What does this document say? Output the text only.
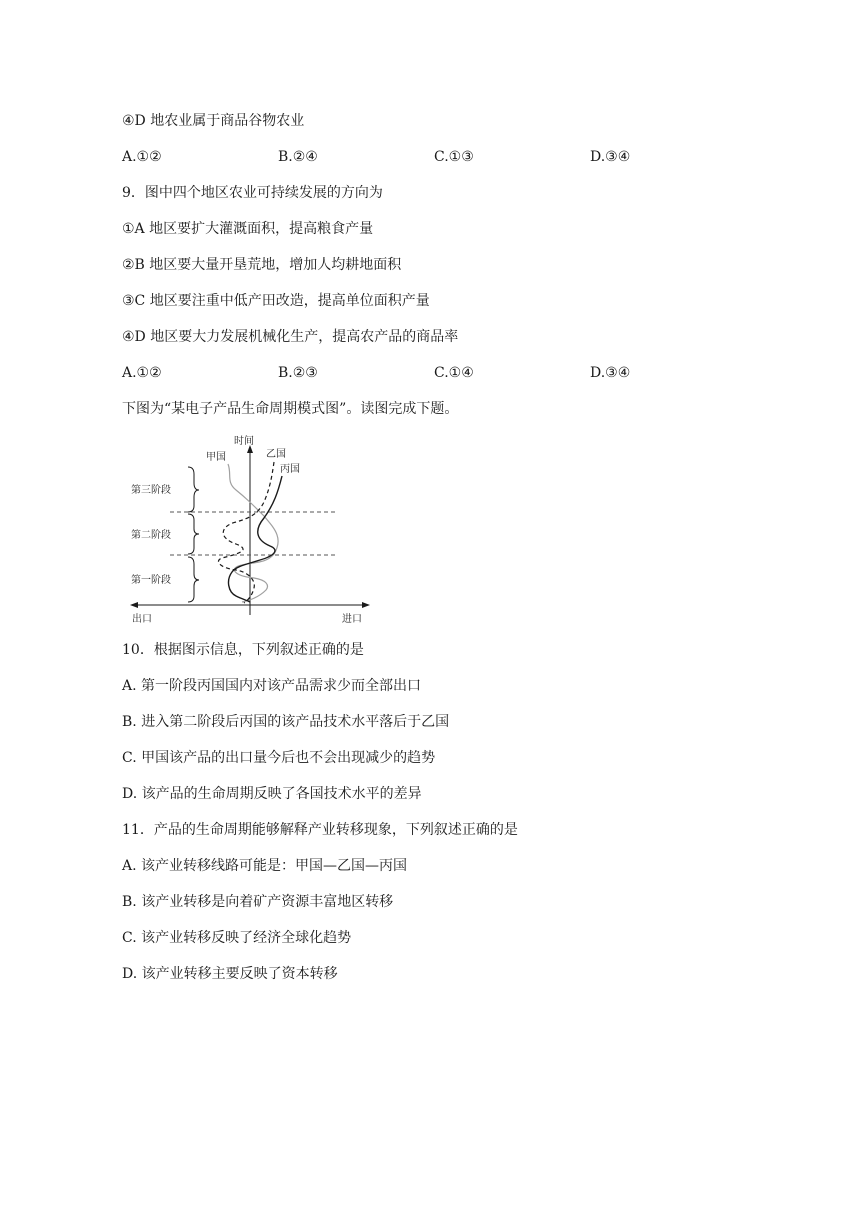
④D 地农业属于商品谷物农业
A.①②	B.②④	C.①③	D.③④
9．图中四个地区农业可持续发展的方向为
①A 地区要扩大灌溉面积，提高粮食产量
②B 地区要大量开垦荒地，增加人均耕地面积
③C 地区要注重中低产田改造，提高单位面积产量
④D 地区要大力发展机械化生产，提高农产品的商品率
A.①②	B.②③	C.①④	D.③④
下图为“某电子产品生命周期模式图”。读图完成下题。
时间
出口	进口
第三阶段
第二阶段
第一阶段
甲国	乙国
丙国
10．根据图示信息，下列叙述正确的是
A. 第一阶段丙国国内对该产品需求少而全部出口
B. 进入第二阶段后丙国的该产品技术水平落后于乙国
C. 甲国该产品的出口量今后也不会出现减少的趋势
D. 该产品的生命周期反映了各国技术水平的差异
11．产品的生命周期能够解释产业转移现象，下列叙述正确的是
A. 该产业转移线路可能是：甲国—乙国—丙国
B. 该产业转移是向着矿产资源丰富地区转移
C. 该产业转移反映了经济全球化趋势
D. 该产业转移主要反映了资本转移
